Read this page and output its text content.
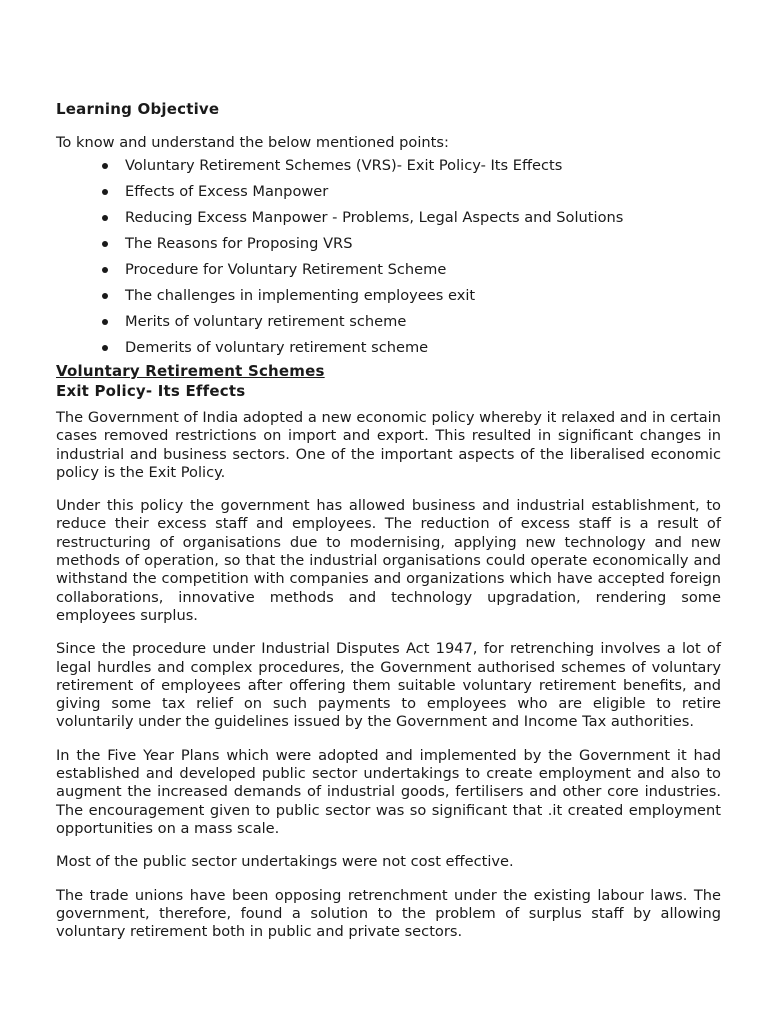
Learning Objective
To know and understand the below mentioned points:
Voluntary Retirement Schemes (VRS)- Exit Policy- Its Effects
Effects of Excess Manpower
Reducing Excess Manpower - Problems, Legal Aspects and Solutions
The Reasons for Proposing VRS
Procedure for Voluntary Retirement Scheme
The challenges in implementing employees exit
Merits of voluntary retirement scheme
Demerits of voluntary retirement scheme
Voluntary Retirement Schemes
Exit Policy- Its Effects

The Government of India adopted a new economic policy whereby it relaxed and in certain cases removed restrictions on import and export. This resulted in significant changes in industrial and business sectors. One of the important aspects of the liberalised economic policy is the Exit Policy.

Under this policy the government has allowed business and industrial establishment, to reduce their excess staff and employees. The reduction of excess staff is a result of restructuring of organisations due to modernising, applying new technology and new methods of operation, so that the industrial organisations could operate economically and withstand the competition with companies and organizations which have accepted foreign collaborations, innovative methods and technology upgradation, rendering some employees surplus.

Since the procedure under Industrial Disputes Act 1947, for retrenching involves a lot of legal hurdles and complex procedures, the Government authorised schemes of voluntary retirement of employees after offering them suitable voluntary retirement benefits, and giving some tax relief on such payments to employees who are eligible to retire voluntarily under the guidelines issued by the Government and Income Tax authorities.

In the Five Year Plans which were adopted and implemented by the Government it had established and developed public sector undertakings to create employment and also to augment the increased demands of industrial goods, fertilisers and other core industries. The encouragement given to public sector was so significant that .it created employment opportunities on a mass scale.

Most of the public sector undertakings were not cost effective.

The trade unions have been opposing retrenchment under the existing labour laws. The government, therefore, found a solution to the problem of surplus staff by allowing voluntary retirement both in public and private sectors.
